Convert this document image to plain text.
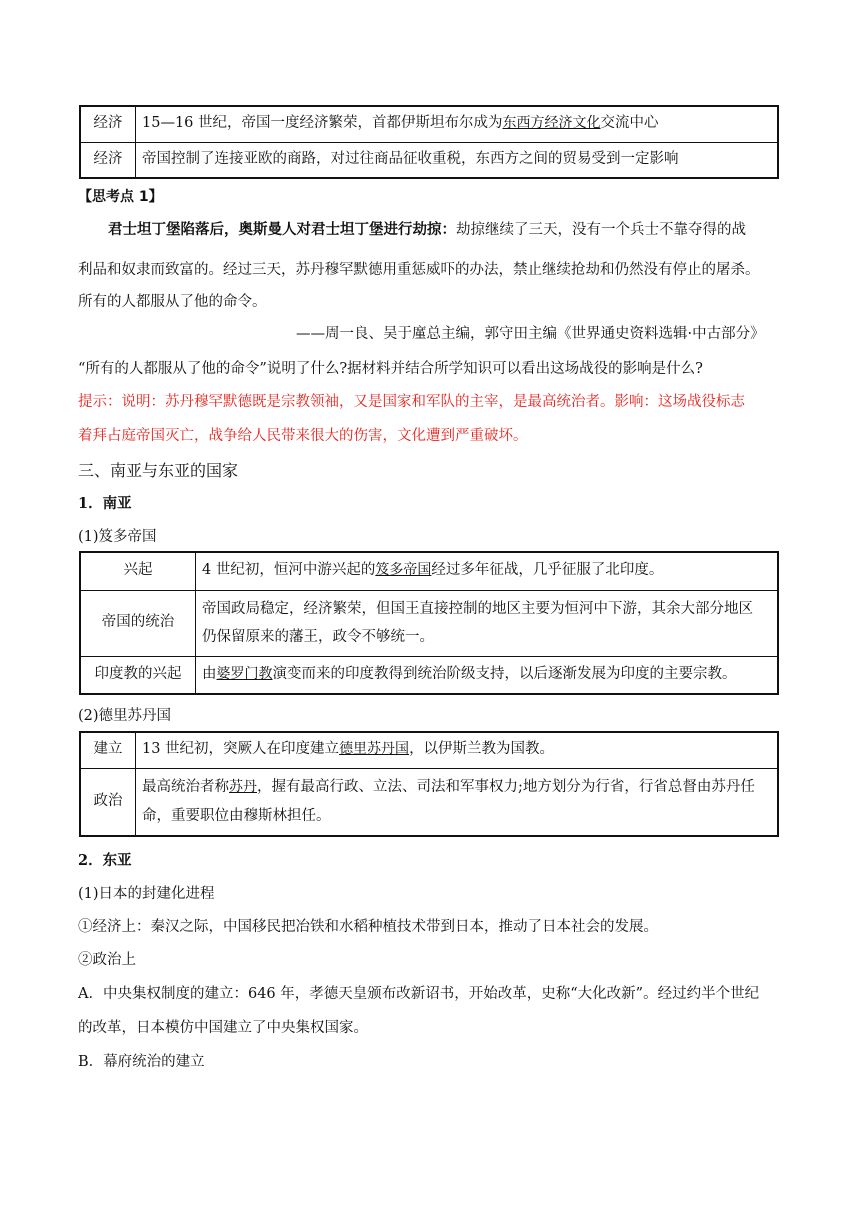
经济	15—16 世纪，帝国一度经济繁荣，首都伊斯坦布尔成为东西方经济文化交流中心
经济	帝国控制了连接亚欧的商路，对过往商品征收重税，东西方之间的贸易受到一定影响

【思考点 1】

君士坦丁堡陷落后，奥斯曼人对君士坦丁堡进行劫掠：劫掠继续了三天，没有一个兵士不靠夺得的战

利品和奴隶而致富的。经过三天，苏丹穆罕默德用重惩威吓的办法，禁止继续抢劫和仍然没有停止的屠杀。

所有的人都服从了他的命令。

——周一良、吴于廑总主编，郭守田主编《世界通史资料选辑·中古部分》

“所有的人都服从了他的命令”说明了什么?据材料并结合所学知识可以看出这场战役的影响是什么?

提示：说明：苏丹穆罕默德既是宗教领袖，又是国家和军队的主宰，是最高统治者。影响：这场战役标志

着拜占庭帝国灭亡，战争给人民带来很大的伤害，文化遭到严重破坏。

三、南亚与东亚的国家

1．南亚

(1)笈多帝国

兴起	4 世纪初，恒河中游兴起的笈多帝国经过多年征战，几乎征服了北印度。
帝国的统治	帝国政局稳定，经济繁荣，但国王直接控制的地区主要为恒河中下游，其余大部分地区
仍保留原来的藩王，政令不够统一。
印度教的兴起	由婆罗门教演变而来的印度教得到统治阶级支持，以后逐渐发展为印度的主要宗教。

(2)德里苏丹国

建立	13 世纪初，突厥人在印度建立德里苏丹国，以伊斯兰教为国教。
政治	最高统治者称苏丹，握有最高行政、立法、司法和军事权力;地方划分为行省，行省总督由苏丹任
命，重要职位由穆斯林担任。

2．东亚

(1)日本的封建化进程

①经济上：秦汉之际，中国移民把冶铁和水稻种植技术带到日本，推动了日本社会的发展。

②政治上

A．中央集权制度的建立：646 年，孝德天皇颁布改新诏书，开始改革，史称“大化改新”。经过约半个世纪

的改革，日本模仿中国建立了中央集权国家。

B．幕府统治的建立
